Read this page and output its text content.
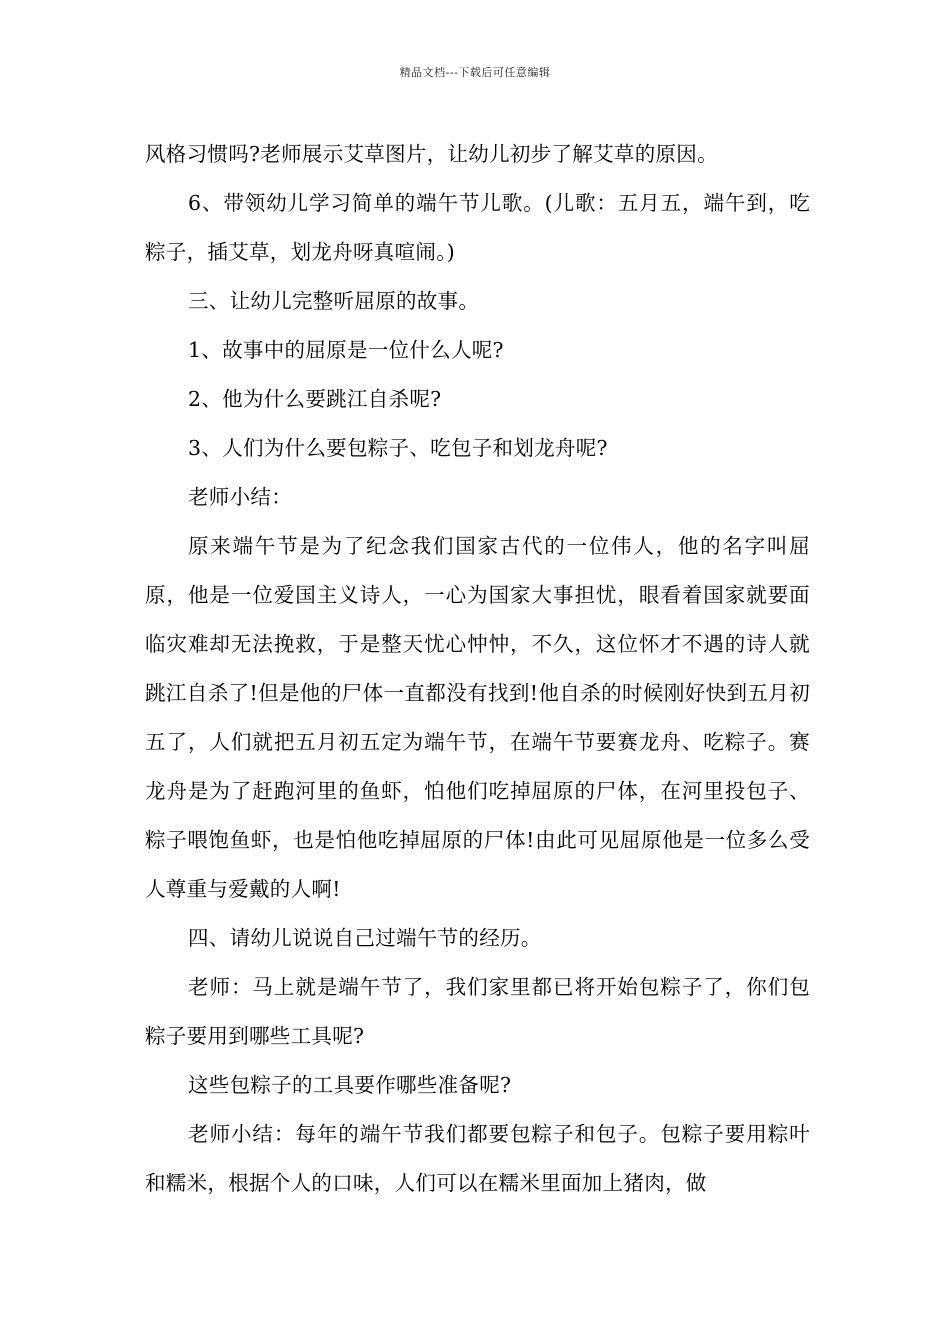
精品文档---下载后可任意编辑

风格习惯吗?老师展示艾草图片，让幼儿初步了解艾草的原因。

6、带领幼儿学习简单的端午节儿歌。(儿歌：五月五，端午到，吃粽子，插艾草，划龙舟呀真喧闹。)

三、让幼儿完整听屈原的故事。

1、故事中的屈原是一位什么人呢?

2、他为什么要跳江自杀呢?

3、人们为什么要包粽子、吃包子和划龙舟呢?

老师小结：

原来端午节是为了纪念我们国家古代的一位伟人，他的名字叫屈原，他是一位爱国主义诗人，一心为国家大事担忧，眼看着国家就要面临灾难却无法挽救，于是整天忧心忡忡，不久，这位怀才不遇的诗人就跳江自杀了!但是他的尸体一直都没有找到!他自杀的时候刚好快到五月初五了，人们就把五月初五定为端午节，在端午节要赛龙舟、吃粽子。赛龙舟是为了赶跑河里的鱼虾，怕他们吃掉屈原的尸体，在河里投包子、粽子喂饱鱼虾，也是怕他吃掉屈原的尸体!由此可见屈原他是一位多么受人尊重与爱戴的人啊!

四、请幼儿说说自己过端午节的经历。

老师：马上就是端午节了，我们家里都已将开始包粽子了，你们包粽子要用到哪些工具呢?

这些包粽子的工具要作哪些准备呢?

老师小结：每年的端午节我们都要包粽子和包子。包粽子要用粽叶和糯米，根据个人的口味，人们可以在糯米里面加上猪肉，做
